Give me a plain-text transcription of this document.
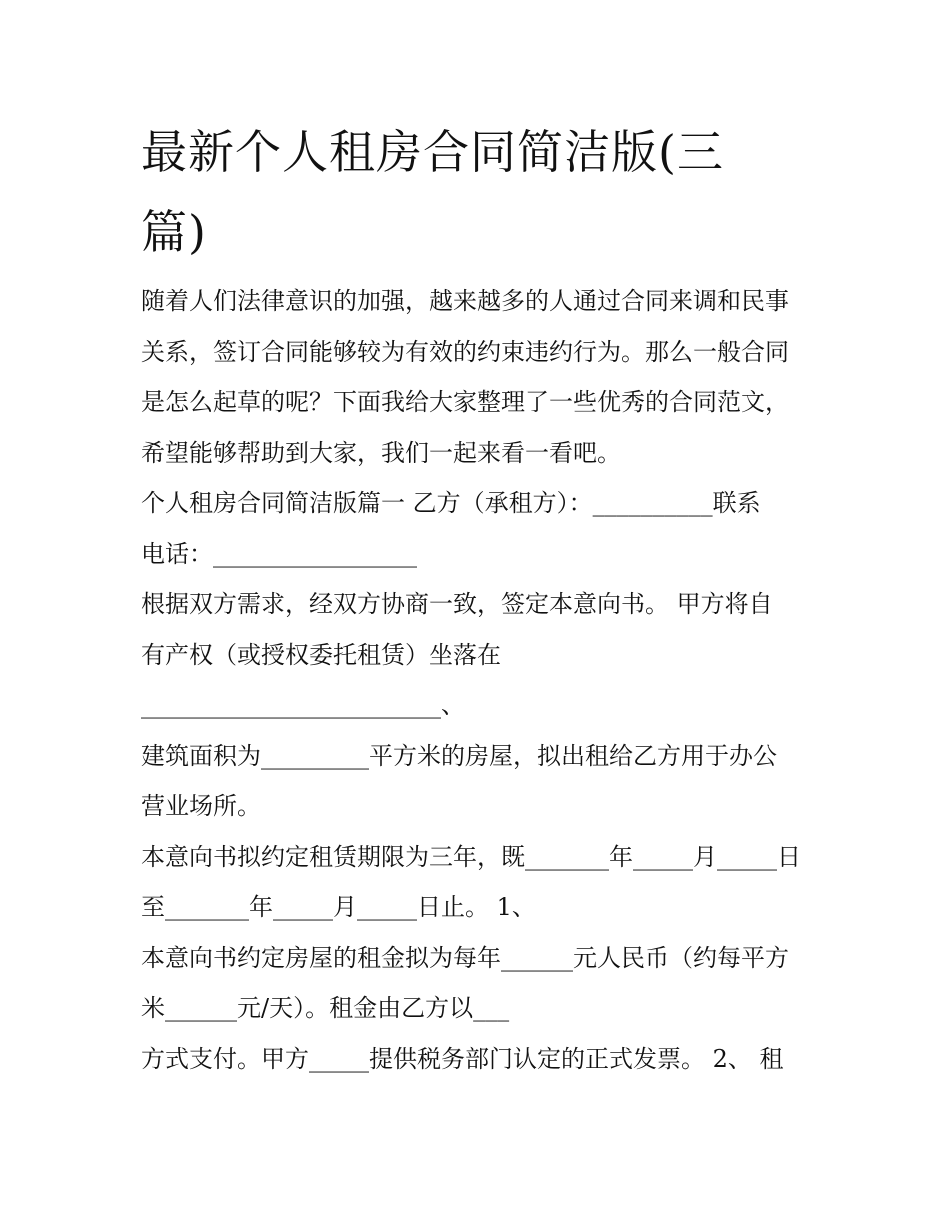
最新个人租房合同简洁版(三
篇)

随着人们法律意识的加强，越来越多的人通过合同来调和民事

关系，签订合同能够较为有效的约束违约行为。那么一般合同

是怎么起草的呢？下面我给大家整理了一些优秀的合同范文，

希望能够帮助到大家，我们一起来看一看吧。

个人租房合同简洁版篇一 乙方（承租方）：__________联系

电话：_________________

根据双方需求，经双方协商一致，签定本意向书。 甲方将自

有产权（或授权委托租赁）坐落在

_________________________、

建筑面积为_________平方米的房屋，拟出租给乙方用于办公

营业场所。

本意向书拟约定租赁期限为三年，既_______年_____月_____日

至_______年_____月_____日止。 1、

本意向书约定房屋的租金拟为每年______元人民币（约每平方

米______元/天）。租金由乙方以___

方式支付。甲方_____提供税务部门认定的正式发票。 2、 租
